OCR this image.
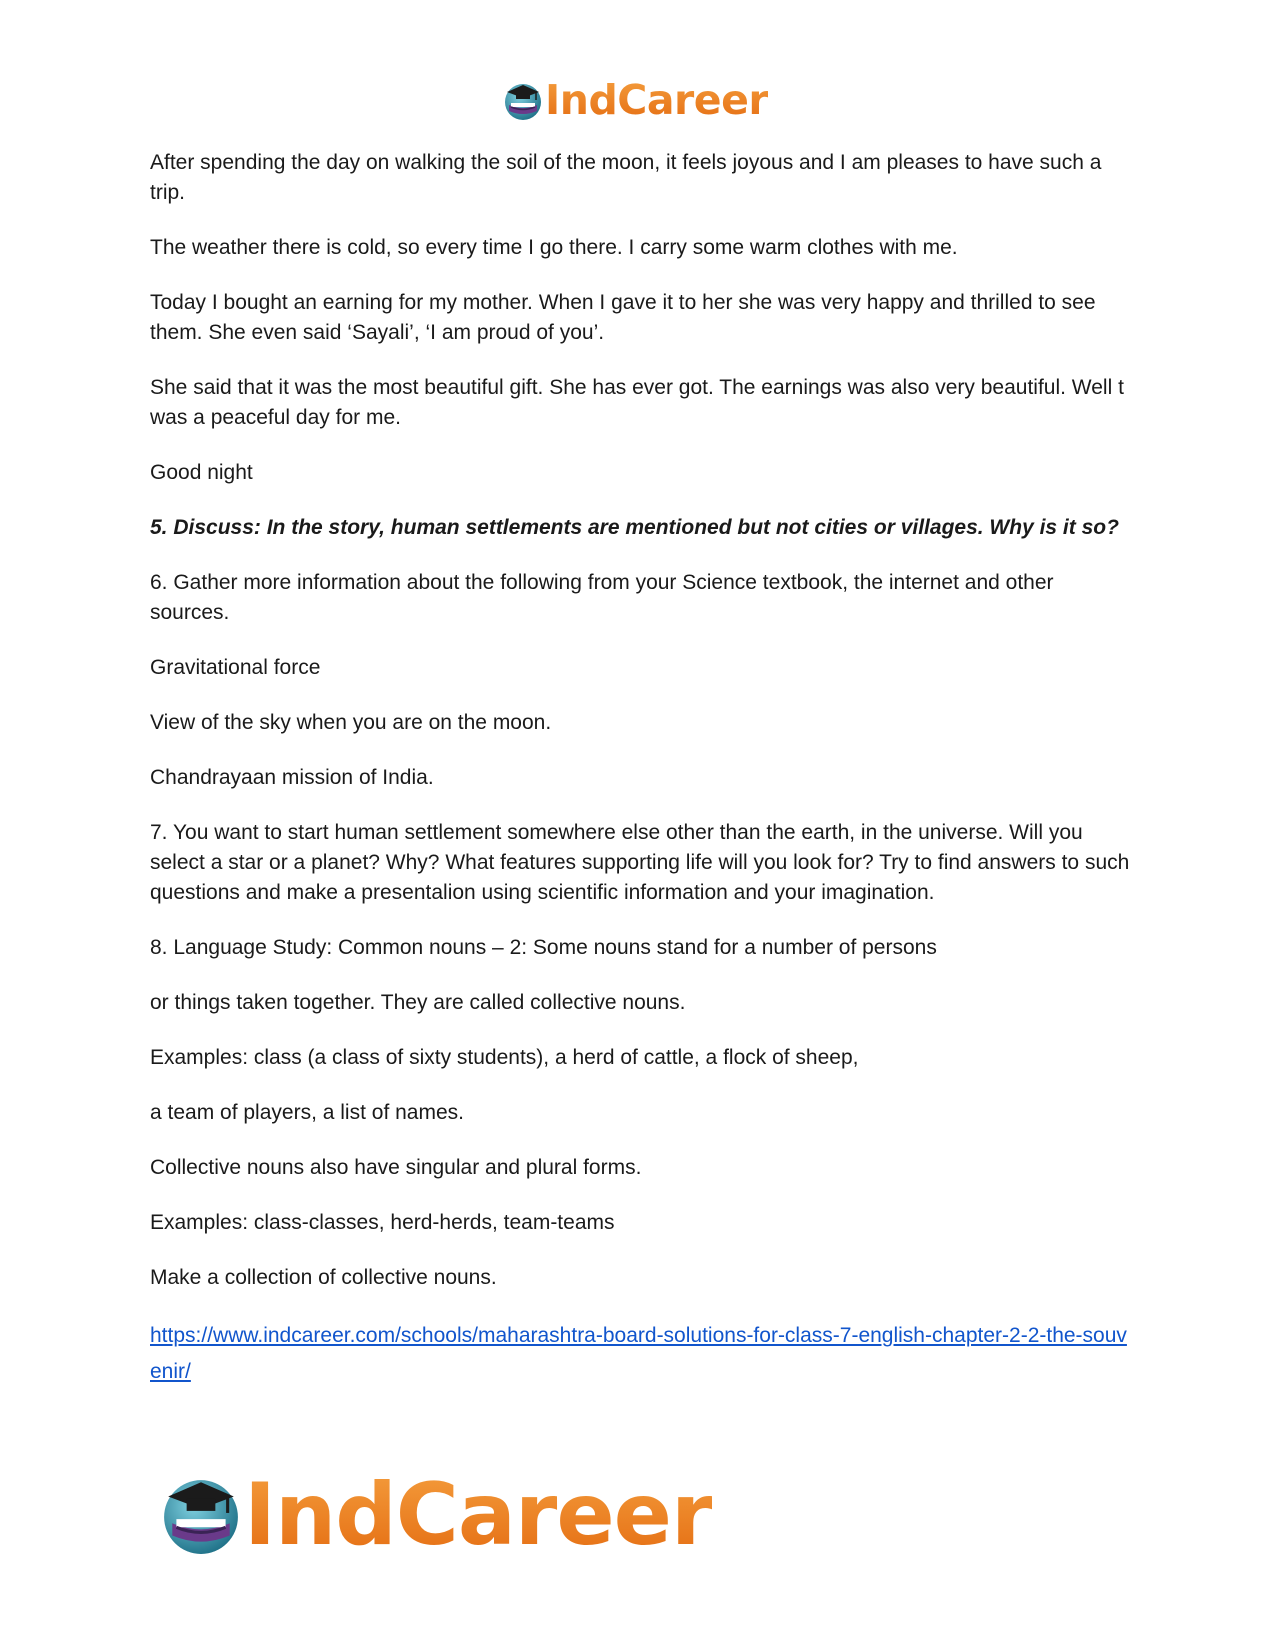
IndCareer

After spending the day on walking the soil of the moon, it feels joyous and I am pleases to have such a trip.

The weather there is cold, so every time I go there. I carry some warm clothes with me.

Today I bought an earning for my mother. When I gave it to her she was very happy and thrilled to see them. She even said ‘Sayali’, ‘I am proud of you’.

She said that it was the most beautiful gift. She has ever got. The earnings was also very beautiful. Well t was a peaceful day for me.

Good night

5. Discuss: In the story, human settlements are mentioned but not cities or villages. Why is it so?

6. Gather more information about the following from your Science textbook, the internet and other sources.

Gravitational force

View of the sky when you are on the moon.

Chandrayaan mission of India.

7. You want to start human settlement somewhere else other than the earth, in the universe. Will you select a star or a planet? Why? What features supporting life will you look for? Try to find answers to such questions and make a presentalion using scientific information and your imagination.

8. Language Study: Common nouns – 2: Some nouns stand for a number of persons

or things taken together. They are called collective nouns.

Examples: class (a class of sixty students), a herd of cattle, a flock of sheep,

a team of players, a list of names.

Collective nouns also have singular and plural forms.

Examples: class-classes, herd-herds, team-teams

Make a collection of collective nouns.

https://www.indcareer.com/schools/maharashtra-board-solutions-for-class-7-english-chapter-2-2-the-souvenir/
IndCareer
